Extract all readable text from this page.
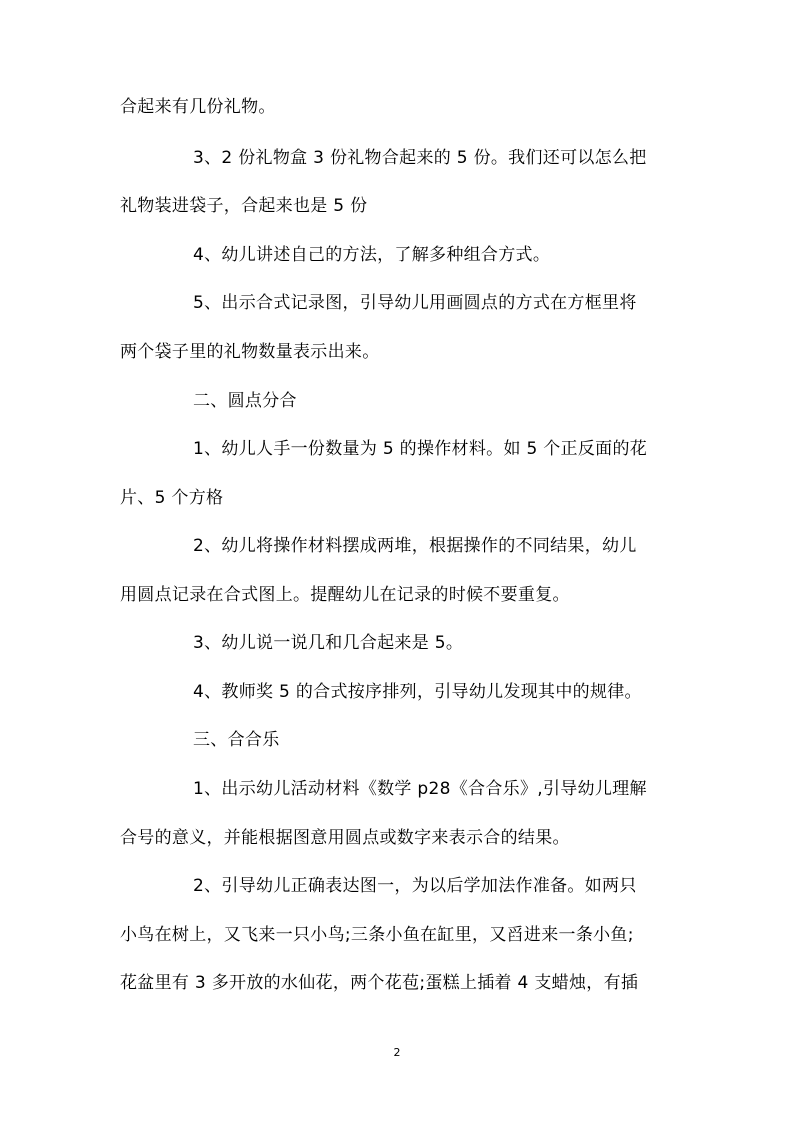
合起来有几份礼物。
3、2 份礼物盒 3 份礼物合起来的 5 份。我们还可以怎么把
礼物装进袋子，合起来也是 5 份
4、幼儿讲述自己的方法，了解多种组合方式。
5、出示合式记录图，引导幼儿用画圆点的方式在方框里将
两个袋子里的礼物数量表示出来。
二、圆点分合
1、幼儿人手一份数量为 5 的操作材料。如 5 个正反面的花
片、5 个方格
2、幼儿将操作材料摆成两堆，根据操作的不同结果，幼儿
用圆点记录在合式图上。提醒幼儿在记录的时候不要重复。
3、幼儿说一说几和几合起来是 5。
4、教师奖 5 的合式按序排列，引导幼儿发现其中的规律。
三、合合乐
1、出示幼儿活动材料《数学 p28《合合乐》,引导幼儿理解
合号的意义，并能根据图意用圆点或数字来表示合的结果。
2、引导幼儿正确表达图一，为以后学加法作准备。如两只
小鸟在树上，又飞来一只小鸟;三条小鱼在缸里，又舀进来一条小鱼;
花盆里有 3 多开放的水仙花，两个花苞;蛋糕上插着 4 支蜡烛，有插
2
